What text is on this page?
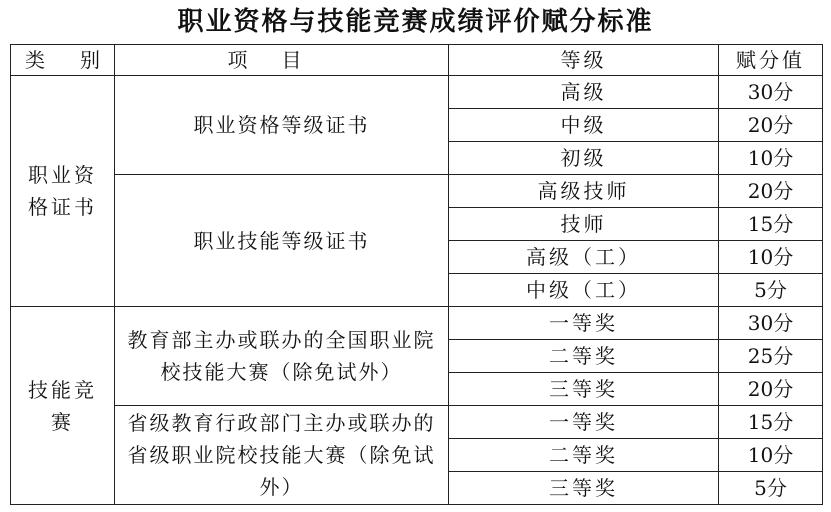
职业资格与技能竞赛成绩评价赋分标准
类　别	项目	等级	赋分值
职业资格证书	职业资格等级证书	高级	30分
		中级	20分
		初级	10分
	职业技能等级证书	高级技师	20分
		技师	15分
		高级（工）	10分
		中级（工）	5分
技能竞赛	教育部主办或联办的全国职业院校技能大赛（除免试外）	一等奖	30分
		二等奖	25分
		三等奖	20分
	省级教育行政部门主办或联办的省级职业院校技能大赛（除免试外）	一等奖	15分
		二等奖	10分
		三等奖	5分
